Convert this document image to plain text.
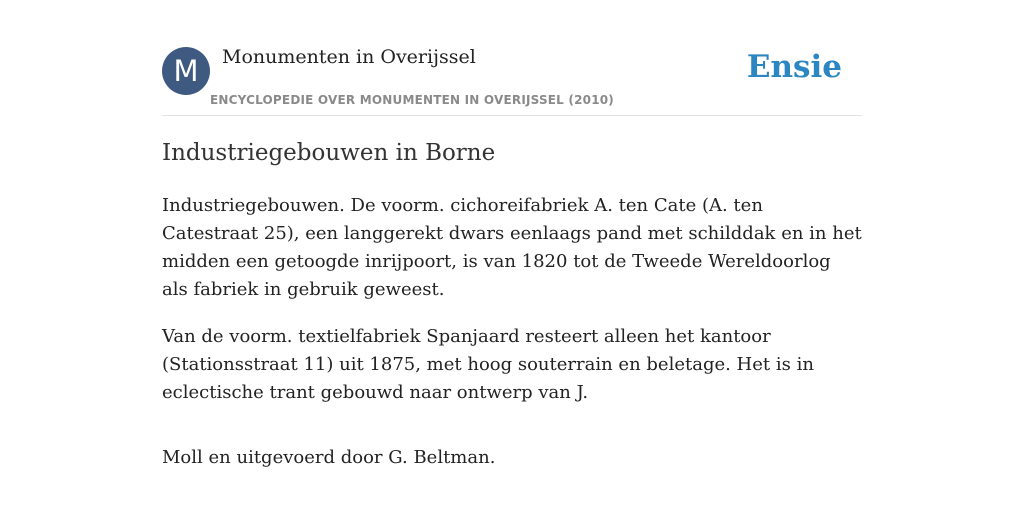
M	Monumenten in Overijssel
ENCYCLOPEDIE OVER MONUMENTEN IN OVERIJSSEL (2010)
Ensie
Industriegebouwen in Borne

Industriegebouwen. De voorm. cichoreifabriek A. ten Cate (A. ten Catestraat 25), een langgerekt dwars eenlaags pand met schilddak en in het midden een getoogde inrijpoort, is van 1820 tot de Tweede Wereldoorlog als fabriek in gebruik geweest.

Van de voorm. textielfabriek Spanjaard resteert alleen het kantoor (Stationsstraat 11) uit 1875, met hoog souterrain en beletage. Het is in eclectische trant gebouwd naar ontwerp van J.

Moll en uitgevoerd door G. Beltman.
